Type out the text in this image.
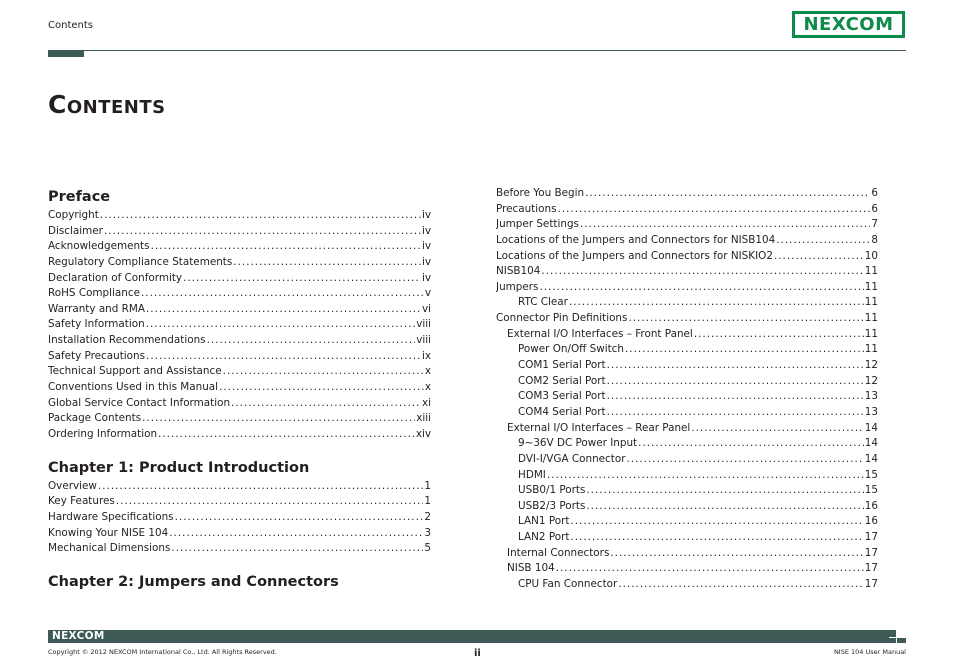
Contents	NEXCOM
Contents
Preface
Copyright .....	iv
Disclaimer .....	iv
Acknowledgements .....	iv
Regulatory Compliance Statements .....	iv
Declaration of Conformity .....	iv
RoHS Compliance .....	v
Warranty and RMA .....	vi
Safety Information .....	viii
Installation Recommendations .....	viii
Safety Precautions .....	ix
Technical Support and Assistance .....	x
Conventions Used in this Manual .....	x
Global Service Contact Information .....	xi
Package Contents .....	xiii
Ordering Information .....	xiv
Chapter 1: Product Introduction
Overview .....	1
Key Features .....	1
Hardware Specifications .....	2
Knowing Your NISE 104 .....	3
Mechanical Dimensions .....	5
Chapter 2: Jumpers and Connectors
Before You Begin .....	6
Precautions .....	6
Jumper Settings .....	7
Locations of the Jumpers and Connectors for NISB104 .....	8
Locations of the Jumpers and Connectors for NISKIO2 .....	10
NISB104 .....	11
Jumpers .....	11
RTC Clear .....	11
Connector Pin Definitions .....	11
External I/O Interfaces – Front Panel .....	11
Power On/Off Switch .....	11
COM1 Serial Port .....	12
COM2 Serial Port .....	12
COM3 Serial Port .....	13
COM4 Serial Port .....	13
External I/O Interfaces – Rear Panel .....	14
9~36V DC Power Input .....	14
DVI-I/VGA Connector .....	14
HDMI .....	15
USB0/1 Ports .....	15
USB2/3 Ports .....	16
LAN1 Port .....	16
LAN2 Port .....	17
Internal Connectors .....	17
NISB 104 .....	17
CPU Fan Connector .....	17
NEXCOM
Copyright © 2012 NEXCOM International Co., Ltd. All Rights Reserved.	ii	NISE 104 User Manual
